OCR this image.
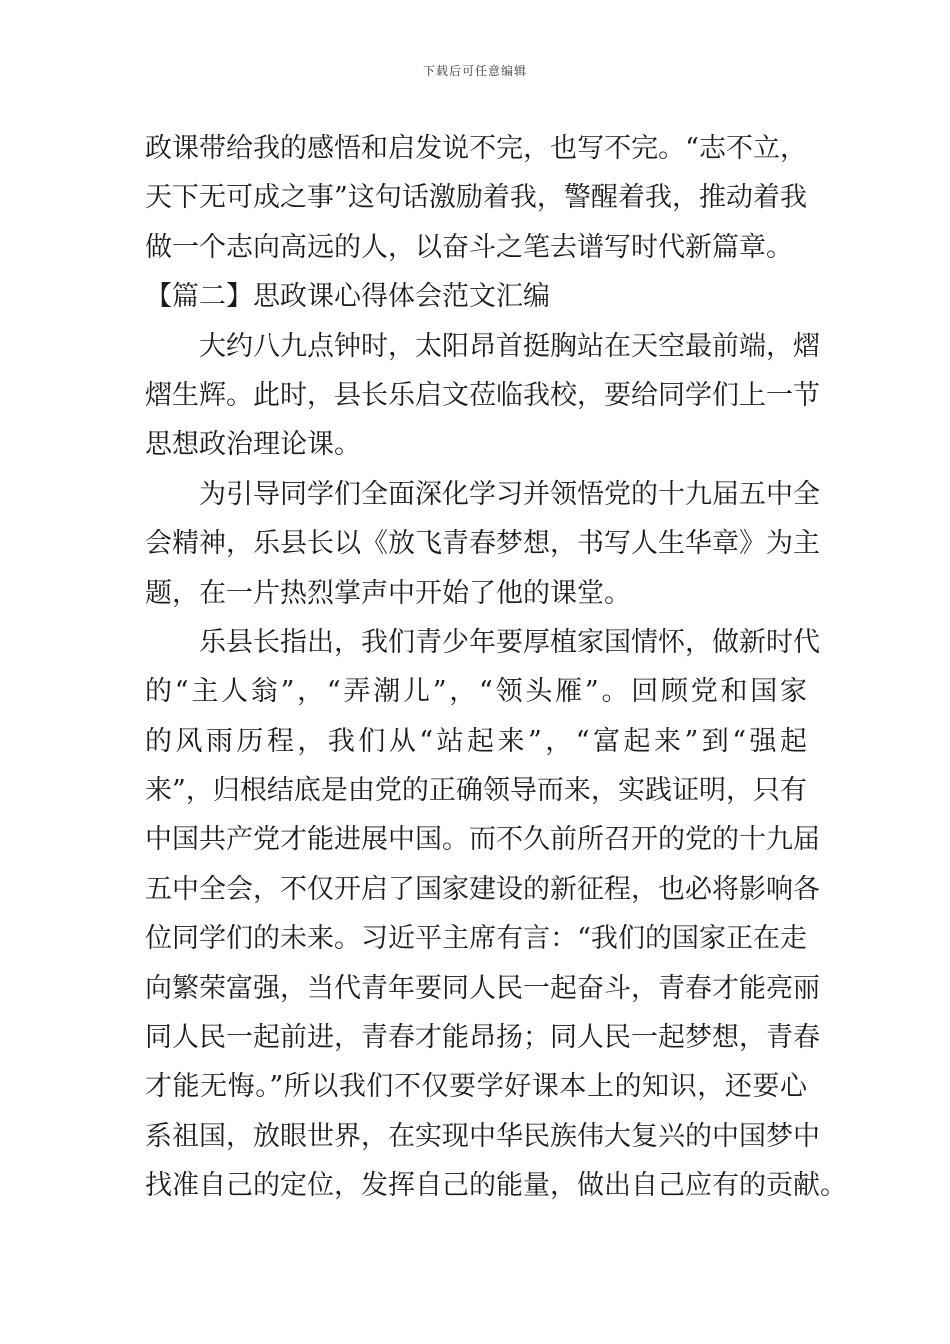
下载后可任意编辑
政课带给我的感悟和启发说不完，也写不完。“志不立，
天下无可成之事”这句话激励着我，警醒着我，推动着我
做一个志向高远的人，以奋斗之笔去谱写时代新篇章。
【篇二】思政课心得体会范文汇编
大约八九点钟时，太阳昂首挺胸站在天空最前端，熠
熠生辉。此时，县长乐启文莅临我校，要给同学们上一节
思想政治理论课。
为引导同学们全面深化学习并领悟党的十九届五中全
会精神，乐县长以《放飞青春梦想，书写人生华章》为主
题，在一片热烈掌声中开始了他的课堂。
乐县长指出，我们青少年要厚植家国情怀，做新时代
的“主人翁”，“弄潮儿”，“领头雁”。回顾党和国家
的风雨历程，我们从“站起来”，“富起来”到“强起
来”，归根结底是由党的正确领导而来，实践证明，只有
中国共产党才能进展中国。而不久前所召开的党的十九届
五中全会，不仅开启了国家建设的新征程，也必将影响各
位同学们的未来。习近平主席有言：“我们的国家正在走
向繁荣富强，当代青年要同人民一起奋斗，青春才能亮丽
同人民一起前进，青春才能昂扬；同人民一起梦想，青春
才能无悔。”所以我们不仅要学好课本上的知识，还要心
系祖国，放眼世界，在实现中华民族伟大复兴的中国梦中
找准自己的定位，发挥自己的能量，做出自己应有的贡献。
